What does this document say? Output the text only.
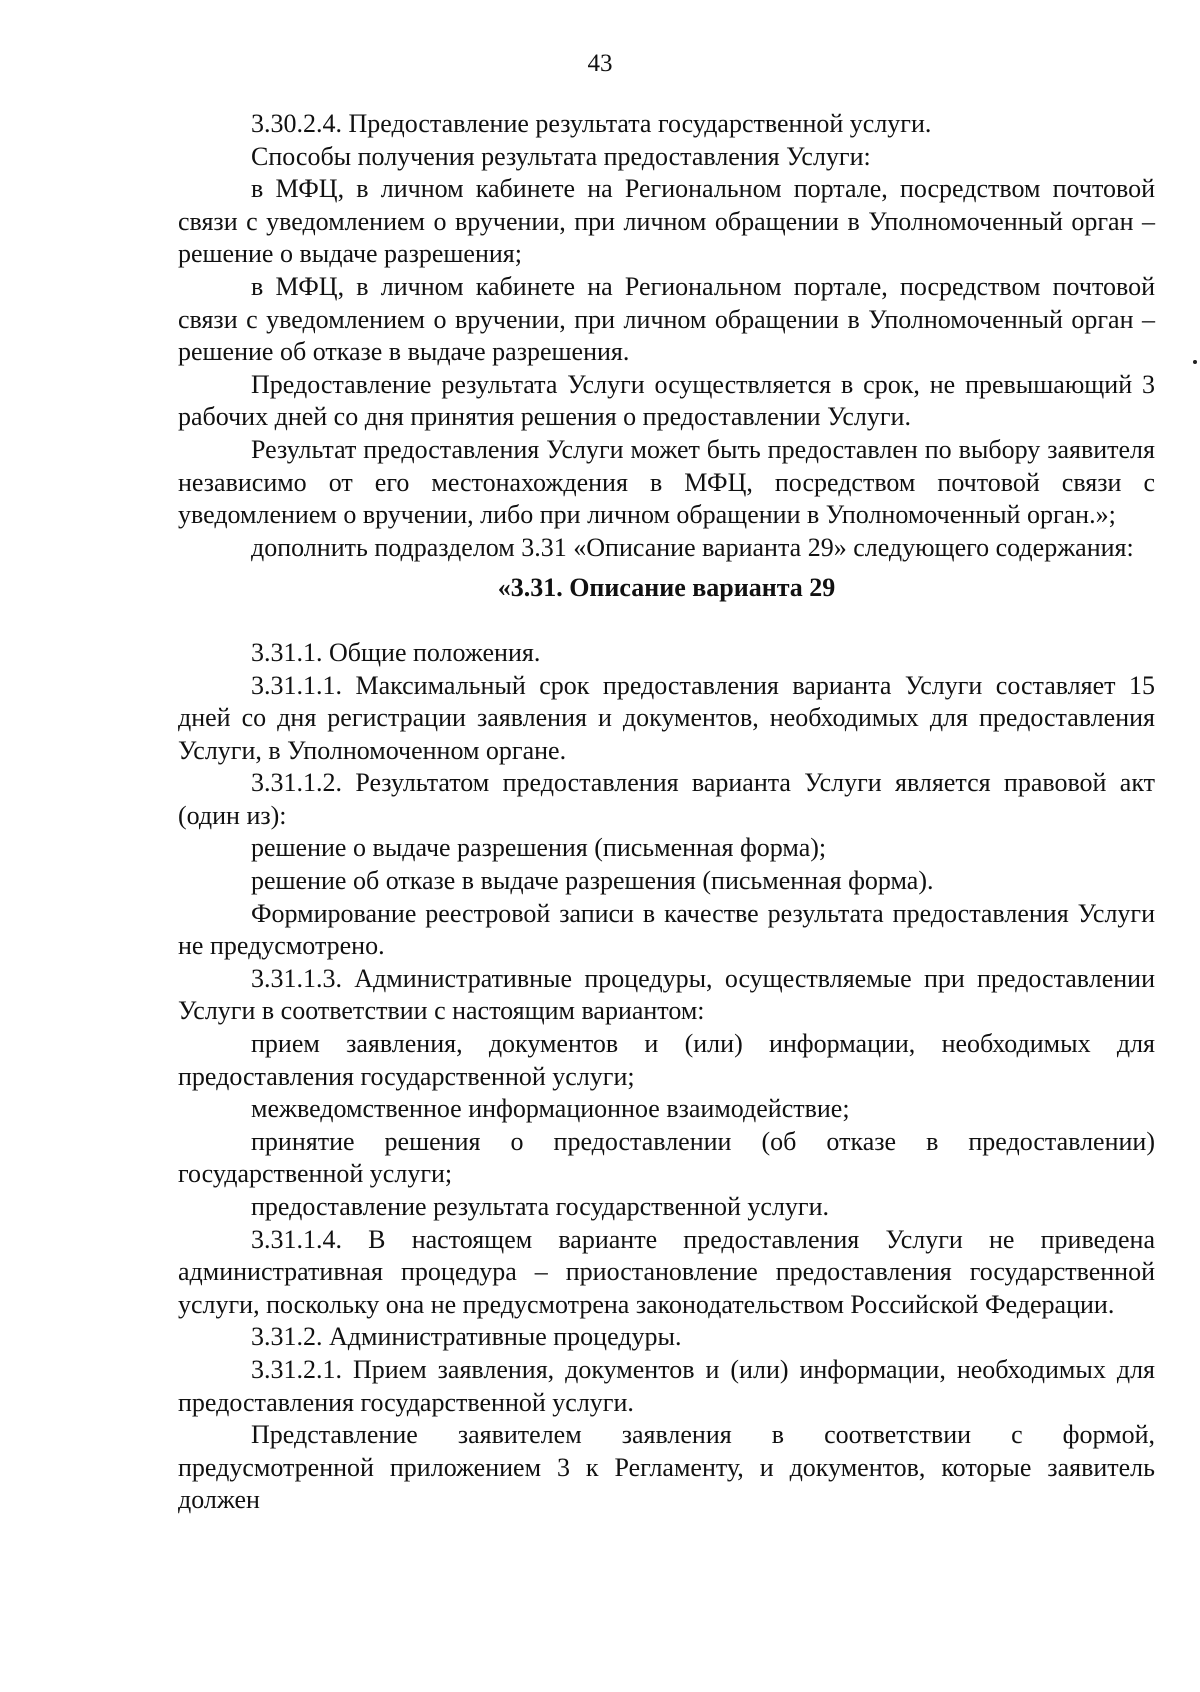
43

3.30.2.4. Предоставление результата государственной услуги.

Способы получения результата предоставления Услуги:

в МФЦ, в личном кабинете на Региональном портале, посредством почтовой связи с уведомлением о вручении, при личном обращении в Уполномоченный орган – решение о выдаче разрешения;

в МФЦ, в личном кабинете на Региональном портале, посредством почтовой связи с уведомлением о вручении, при личном обращении в Уполномоченный орган – решение об отказе в выдаче разрешения.

Предоставление результата Услуги осуществляется в срок, не превышающий 3 рабочих дней со дня принятия решения о предоставлении Услуги.

Результат предоставления Услуги может быть предоставлен по выбору заявителя независимо от его местонахождения в МФЦ, посредством почтовой связи с уведомлением о вручении, либо при личном обращении в Уполномоченный орган.»;

дополнить подразделом 3.31 «Описание варианта 29» следующего содержания:

«3.31. Описание варианта 29

3.31.1. Общие положения.

3.31.1.1. Максимальный срок предоставления варианта Услуги составляет 15 дней со дня регистрации заявления и документов, необходимых для предоставления Услуги, в Уполномоченном органе.

3.31.1.2. Результатом предоставления варианта Услуги является правовой акт (один из):

решение о выдаче разрешения (письменная форма);

решение об отказе в выдаче разрешения (письменная форма).

Формирование реестровой записи в качестве результата предоставления Услуги не предусмотрено.

3.31.1.3. Административные процедуры, осуществляемые при предоставлении Услуги в соответствии с настоящим вариантом:

прием заявления, документов и (или) информации, необходимых для предоставления государственной услуги;

межведомственное информационное взаимодействие;

принятие решения о предоставлении (об отказе в предоставлении) государственной услуги;

предоставление результата государственной услуги.

3.31.1.4. В настоящем варианте предоставления Услуги не приведена административная процедура – приостановление предоставления государственной услуги, поскольку она не предусмотрена законодательством Российской Федерации.

3.31.2. Административные процедуры.

3.31.2.1. Прием заявления, документов и (или) информации, необходимых для предоставления государственной услуги.

Представление заявителем заявления в соответствии с формой, предусмотренной приложением 3 к Регламенту, и документов, которые заявитель должен
